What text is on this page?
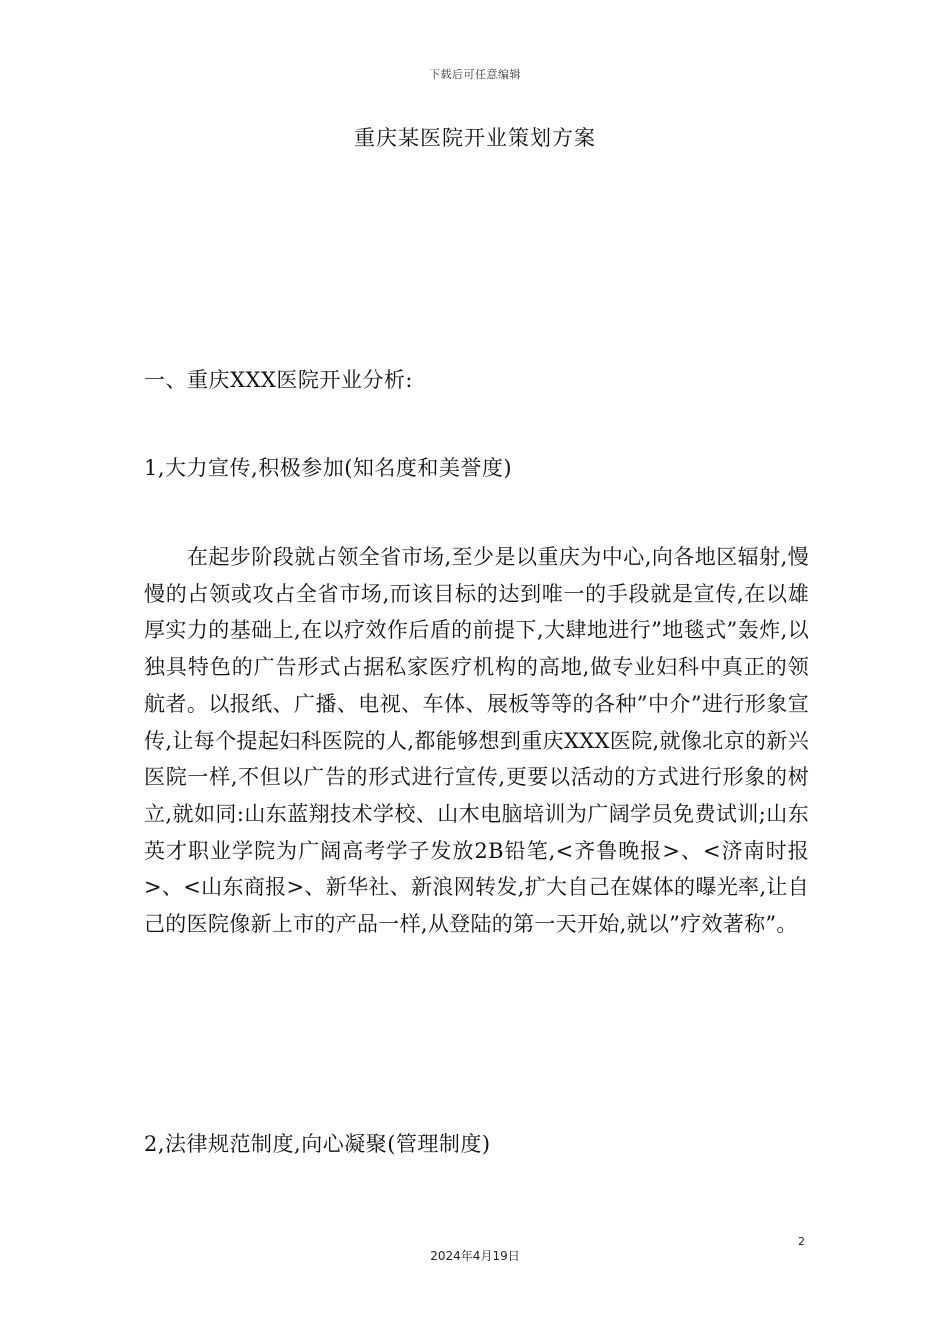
下载后可任意编辑
重庆某医院开业策划方案
一、重庆XXX医院开业分析:
1,大力宣传,积极参加(知名度和美誉度)

在起步阶段就占领全省市场,至少是以重庆为中心,向各地区辐射,慢慢的占领或攻占全省市场,而该目标的达到唯一的手段就是宣传,在以雄厚实力的基础上,在以疗效作后盾的前提下,大肆地进行”地毯式”轰炸,以独具特色的广告形式占据私家医疗机构的高地,做专业妇科中真正的领航者。以报纸、广播、电视、车体、展板等等的各种”中介”进行形象宣传,让每个提起妇科医院的人,都能够想到重庆XXX医院,就像北京的新兴医院一样,不但以广告的形式进行宣传,更要以活动的方式进行形象的树立,就如同:山东蓝翔技术学校、山木电脑培训为广阔学员免费试训;山东英才职业学院为广阔高考学子发放2B铅笔,<齐鲁晚报>、<济南时报>、<山东商报>、新华社、新浪网转发,扩大自己在媒体的曝光率,让自己的医院像新上市的产品一样,从登陆的第一天开始,就以”疗效著称”。

2,法律规范制度,向心凝聚(管理制度)
2
2024年4月19日
